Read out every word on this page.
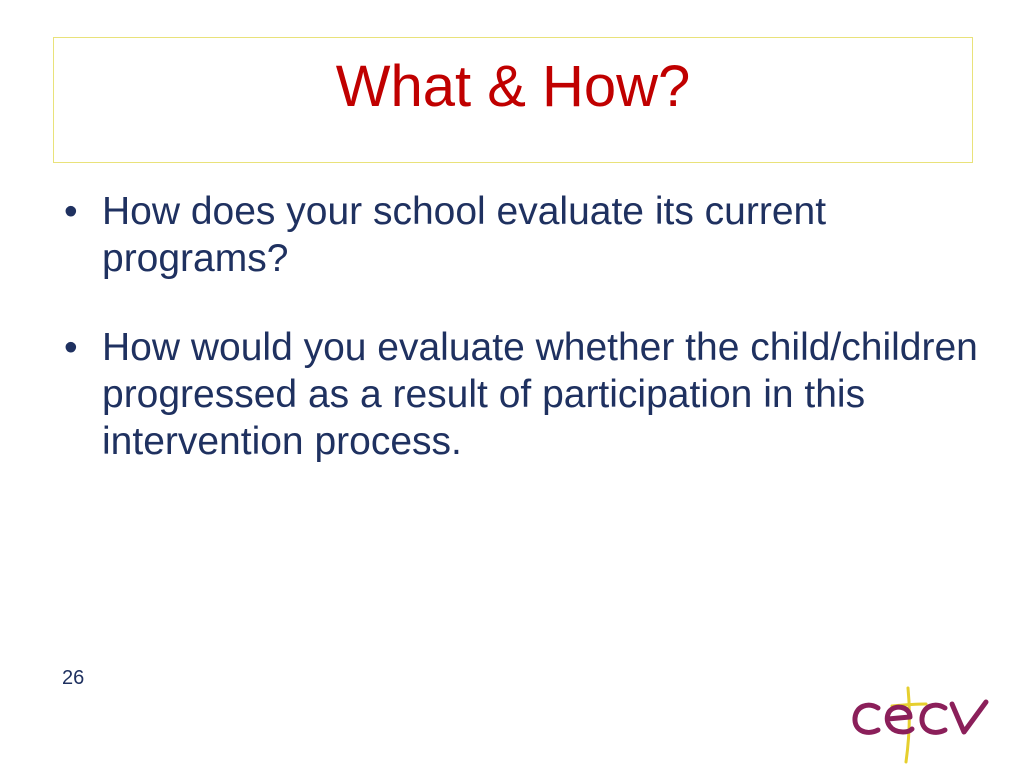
What & How?
• How does your school evaluate its current programs?
• How would you evaluate whether the child/children progressed as a result of participation in this intervention process.
26
